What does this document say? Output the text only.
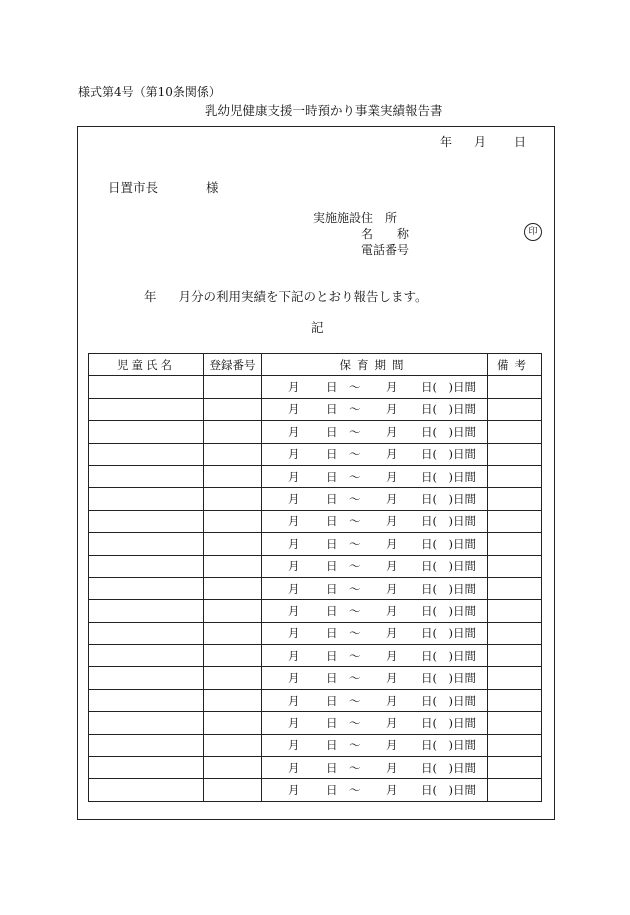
様式第4号（第10条関係）
乳幼児健康支援一時預かり事業実績報告書
年 月 日
日置市長	様
実施施設住　所
名　　称
電話番号
印
年 月分の利用実績を下記のとおり報告します。
記
児童氏名	登録番号	保育期間	備考

		月 日 〜 月 日(　)日間	

		月 日 〜 月 日(　)日間	

		月 日 〜 月 日(　)日間	

		月 日 〜 月 日(　)日間	

		月 日 〜 月 日(　)日間	

		月 日 〜 月 日(　)日間	

		月 日 〜 月 日(　)日間	

		月 日 〜 月 日(　)日間	

		月 日 〜 月 日(　)日間	

		月 日 〜 月 日(　)日間	

		月 日 〜 月 日(　)日間	

		月 日 〜 月 日(　)日間	

		月 日 〜 月 日(　)日間	

		月 日 〜 月 日(　)日間	

		月 日 〜 月 日(　)日間	

		月 日 〜 月 日(　)日間	

		月 日 〜 月 日(　)日間	

		月 日 〜 月 日(　)日間	

		月 日 〜 月 日(　)日間	
